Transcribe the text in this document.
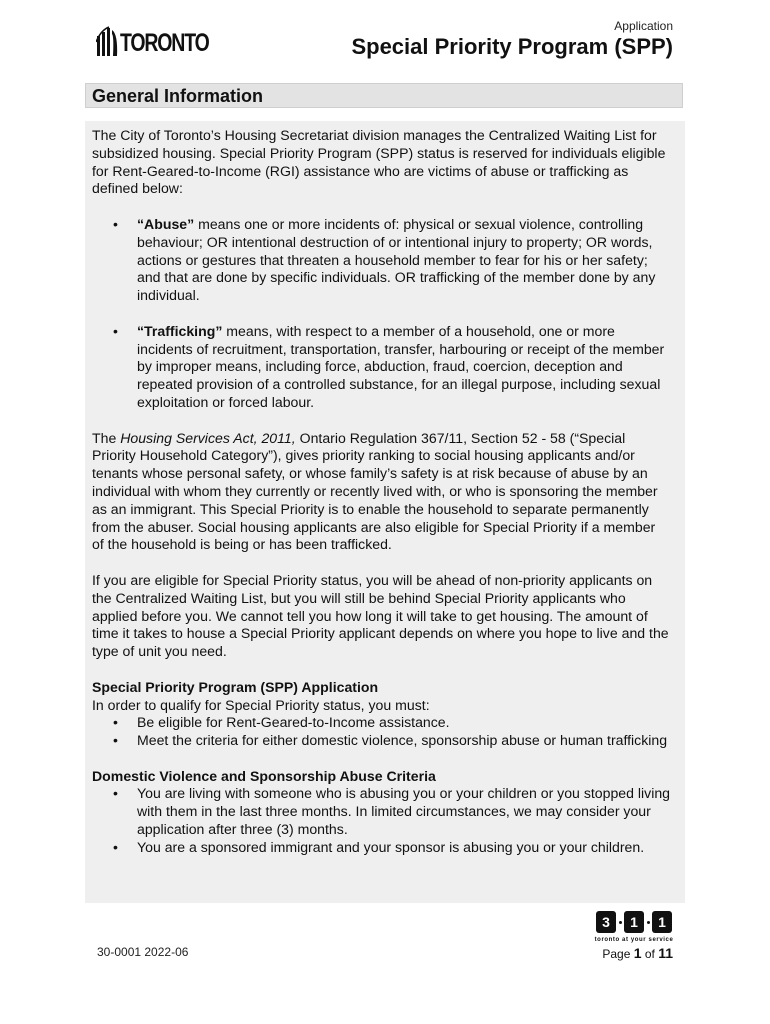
TORONTO
Application
Special Priority Program (SPP)
General Information

The City of Toronto’s Housing Secretariat division manages the Centralized Waiting List for subsidized housing. Special Priority Program (SPP) status is reserved for individuals eligible for Rent-Geared-to-Income (RGI) assistance who are victims of abuse or trafficking as defined below:

• “Abuse” means one or more incidents of: physical or sexual violence, controlling behaviour; OR intentional destruction of or intentional injury to property; OR words, actions or gestures that threaten a household member to fear for his or her safety; and that are done by specific individuals. OR trafficking of the member done by any individual.
• “Trafficking” means, with respect to a member of a household, one or more incidents of recruitment, transportation, transfer, harbouring or receipt of the member by improper means, including force, abduction, fraud, coercion, deception and repeated provision of a controlled substance, for an illegal purpose, including sexual exploitation or forced labour.

The Housing Services Act, 2011, Ontario Regulation 367/11, Section 52 - 58 (“Special Priority Household Category”), gives priority ranking to social housing applicants and/or tenants whose personal safety, or whose family’s safety is at risk because of abuse by an individual with whom they currently or recently lived with, or who is sponsoring the member as an immigrant. This Special Priority is to enable the household to separate permanently from the abuser. Social housing applicants are also eligible for Special Priority if a member of the household is being or has been trafficked.

If you are eligible for Special Priority status, you will be ahead of non-priority applicants on the Centralized Waiting List, but you will still be behind Special Priority applicants who applied before you. We cannot tell you how long it will take to get housing. The amount of time it takes to house a Special Priority applicant depends on where you hope to live and the type of unit you need.

Special Priority Program (SPP) Application

In order to qualify for Special Priority status, you must:

• Be eligible for Rent-Geared-to-Income assistance.
• Meet the criteria for either domestic violence, sponsorship abuse or human trafficking

Domestic Violence and Sponsorship Abuse Criteria

• You are living with someone who is abusing you or your children or you stopped living with them in the last three months. In limited circumstances, we may consider your application after three (3) months.
• You are a sponsored immigrant and your sponsor is abusing you or your children.
30-0001 2022-06
3	1	1
toronto at your service
Page 1 of 11
